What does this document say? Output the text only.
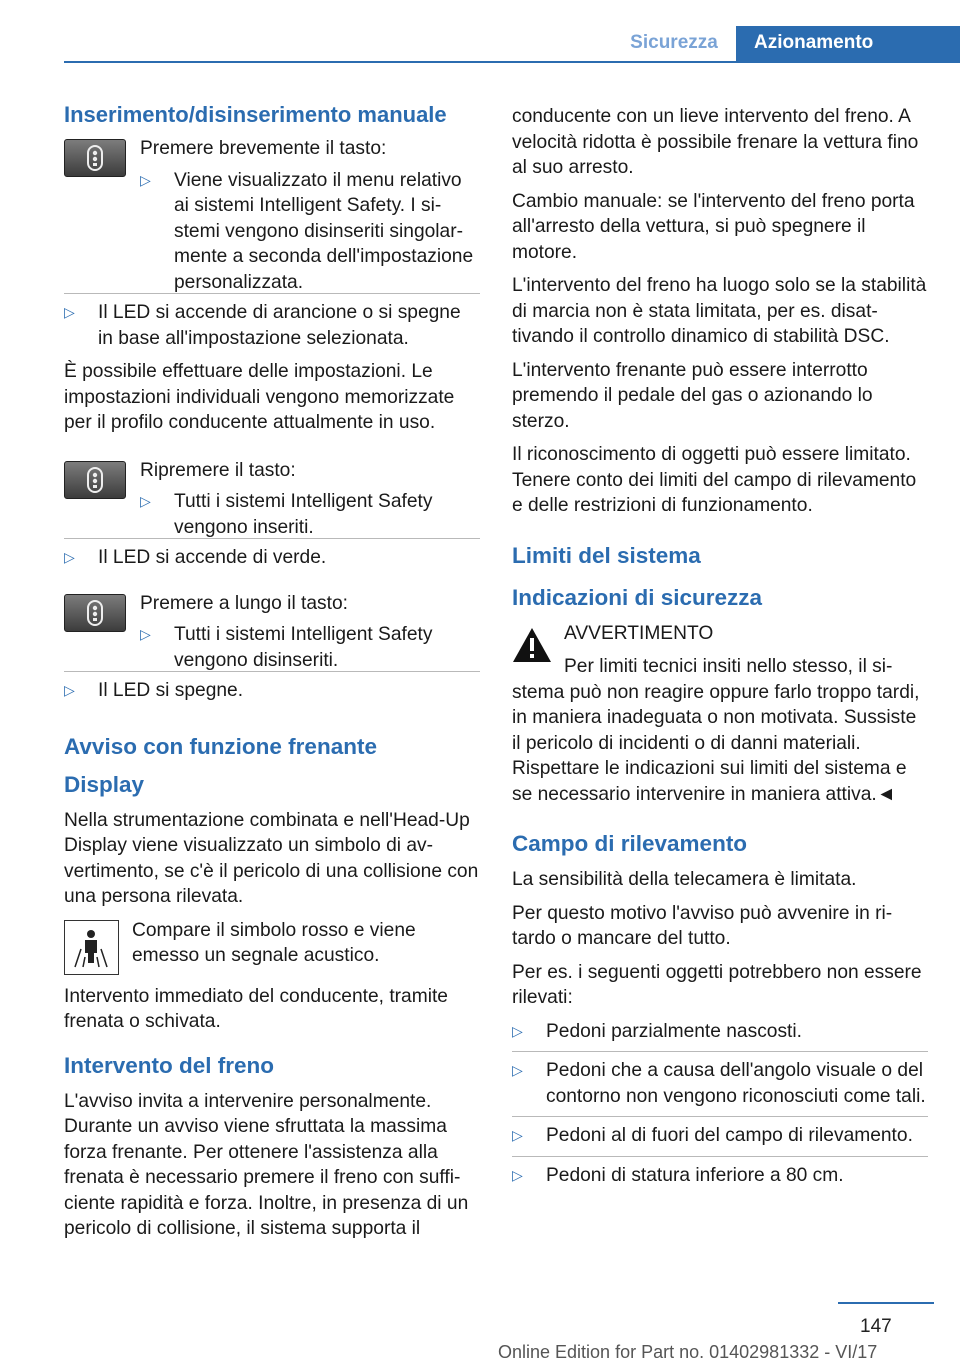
Sicurezza	Azionamento

Inserimento/disinserimento manuale

Premere brevemente il tasto:

▷ Viene visualizzato il menu relativo ai sistemi Intelligent Safety. I sistemi vengono disinseriti singolarmente a seconda dell'impostazione personalizzata.
▷ Il LED si accende di arancione o si spegne in base all'impostazione selezionata.

È possibile effettuare delle impostazioni. Le impostazioni individuali vengono memorizzate per il profilo conducente attualmente in uso.

Ripremere il tasto:

▷ Tutti i sistemi Intelligent Safety vengono inseriti.
▷ Il LED si accende di verde.

Premere a lungo il tasto:

▷ Tutti i sistemi Intelligent Safety vengono disinseriti.
▷ Il LED si spegne.

Avviso con funzione frenante

Display

Nella strumentazione combinata e nell'Head-Up Display viene visualizzato un simbolo di avvertimento, se c'è il pericolo di una collisione con una persona rilevata.

Compare il simbolo rosso e viene emesso un segnale acustico.

Intervento immediato del conducente, tramite frenata o schivata.

Intervento del freno

L'avviso invita a intervenire personalmente. Durante un avviso viene sfruttata la massima forza frenante. Per ottenere l'assistenza alla frenata è necessario premere il freno con sufficiente rapidità e forza. Inoltre, in presenza di un pericolo di collisione, il sistema supporta il

conducente con un lieve intervento del freno. A velocità ridotta è possibile frenare la vettura fino al suo arresto.

Cambio manuale: se l'intervento del freno porta all'arresto della vettura, si può spegnere il motore.

L'intervento del freno ha luogo solo se la stabilità di marcia non è stata limitata, per es. disattivando il controllo dinamico di stabilità DSC.

L'intervento frenante può essere interrotto premendo il pedale del gas o azionando lo sterzo.

Il riconoscimento di oggetti può essere limitato. Tenere conto dei limiti del campo di rilevamento e delle restrizioni di funzionamento.

Limiti del sistema

Indicazioni di sicurezza

AVVERTIMENTO

Per limiti tecnici insiti nello stesso, il sistema può non reagire oppure farlo troppo tardi, in maniera inadeguata o non motivata. Sussiste il pericolo di incidenti o di danni materiali. Rispettare le indicazioni sui limiti del sistema e se necessario intervenire in maniera attiva.◄

Campo di rilevamento

La sensibilità della telecamera è limitata.

Per questo motivo l'avviso può avvenire in ritardo o mancare del tutto.

Per es. i seguenti oggetti potrebbero non essere rilevati:

▷ Pedoni parzialmente nascosti.
▷ Pedoni che a causa dell'angolo visuale o del contorno non vengono riconosciuti come tali.
▷ Pedoni al di fuori del campo di rilevamento.
▷ Pedoni di statura inferiore a 80 cm.
147
Online Edition for Part no. 01402981332 - VI/17
